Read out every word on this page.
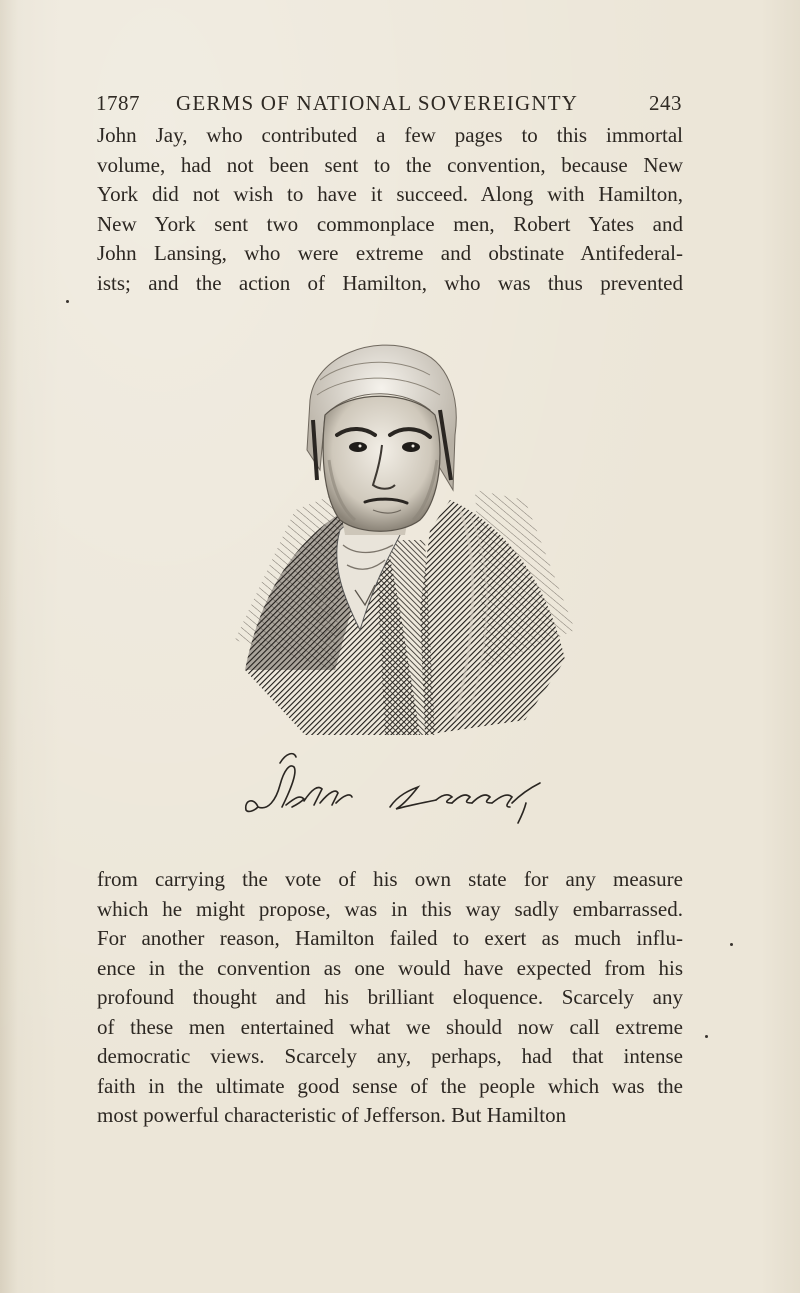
1787 GERMS OF NATIONAL SOVEREIGNTY	243
John Jay, who contributed a few pages to this immortal
volume, had not been sent to the convention, because New
York did not wish to have it succeed. Along with Hamilton,
New York sent two commonplace men, Robert Yates and
John Lansing, who were extreme and obstinate Antifederal-
ists; and the action of Hamilton, who was thus prevented
from carrying the vote of his own state for any measure
which he might propose, was in this way sadly embarrassed.
For another reason, Hamilton failed to exert as much influ-
ence in the convention as one would have expected from his
profound thought and his brilliant eloquence. Scarcely any
of these men entertained what we should now call extreme
democratic views. Scarcely any, perhaps, had that intense
faith in the ultimate good sense of the people which was the
most powerful characteristic of Jefferson. But Hamilton
